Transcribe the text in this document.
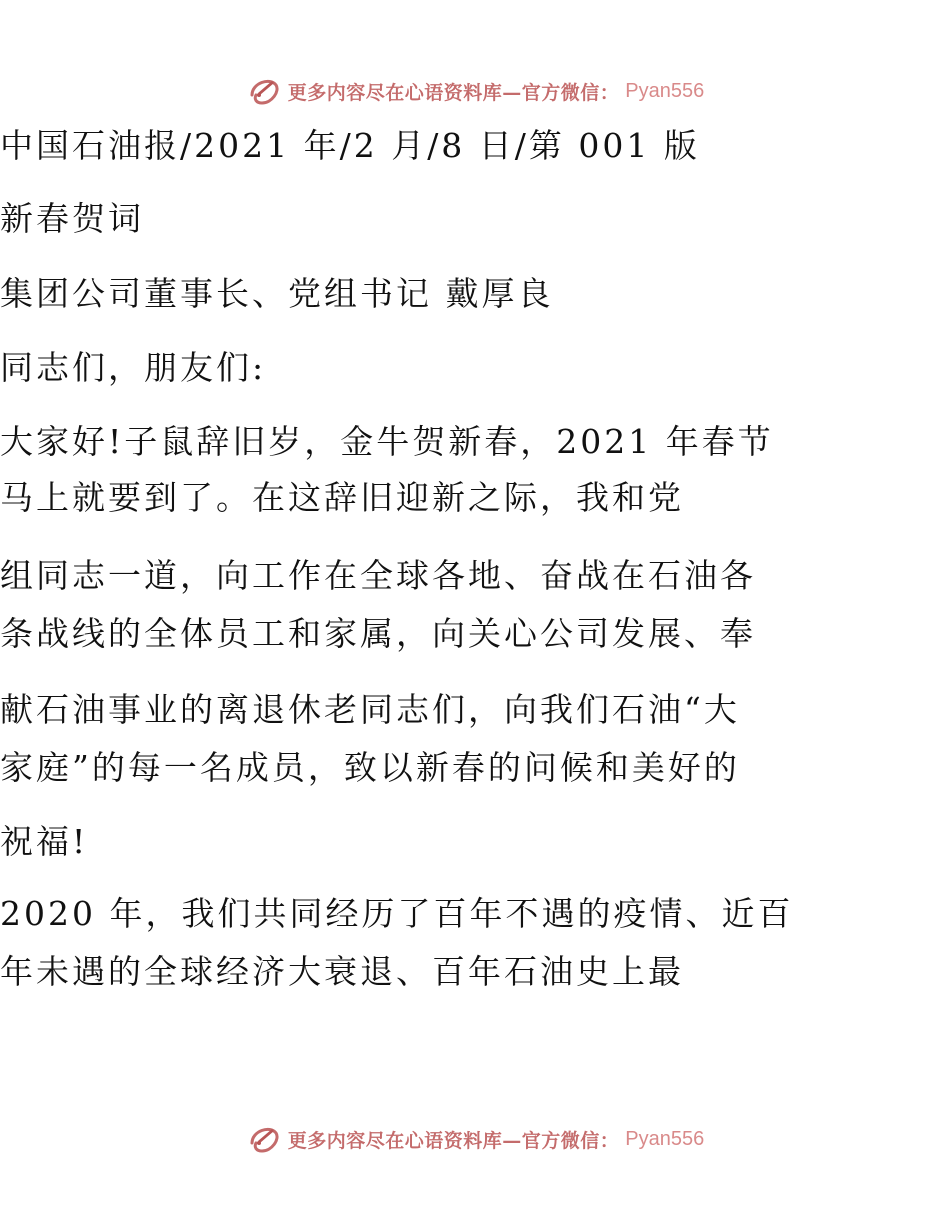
更多内容尽在心语资料库—官方微信： Pyan556
中国石油报/2021 年/2 月/8 日/第 001 版
新春贺词
集团公司董事长、党组书记 戴厚良
同志们，朋友们:
大家好!子鼠辞旧岁，金牛贺新春，2021 年春节
马上就要到了。在这辞旧迎新之际，我和党
组同志一道，向工作在全球各地、奋战在石油各
条战线的全体员工和家属，向关心公司发展、奉
献石油事业的离退休老同志们，向我们石油“大
家庭”的每一名成员，致以新春的问候和美好的
祝福!
2020 年，我们共同经历了百年不遇的疫情、近百
年未遇的全球经济大衰退、百年石油史上最
更多内容尽在心语资料库—官方微信： Pyan556
